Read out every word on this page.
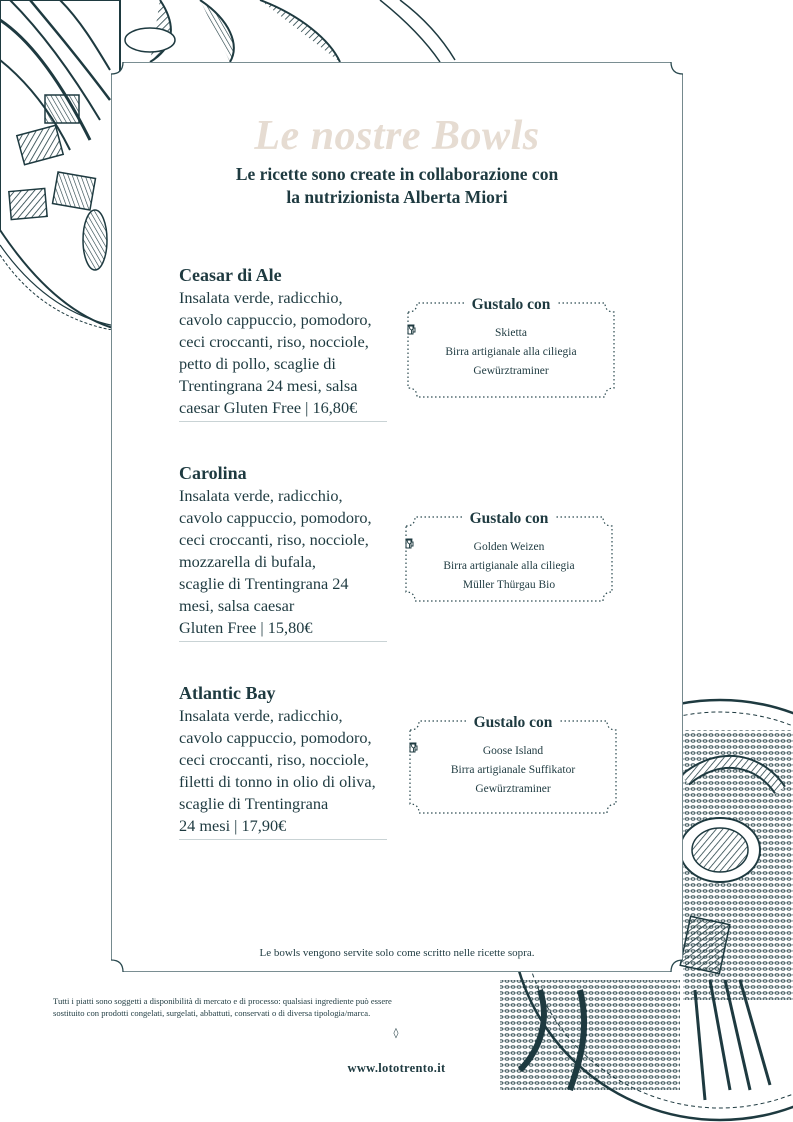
Le nostre Bowls
Le ricette sono create in collaborazione con
la nutrizionista Alberta Miori
Ceasar di Ale
Insalata verde, radicchio,
cavolo cappuccio, pomodoro,
ceci croccanti, riso, nocciole,
petto di pollo, scaglie di
Trentingrana 24 mesi, salsa
caesar Gluten Free | 16,80€
Gustalo con
Skietta
Birra artigianale alla ciliegia
Gewürztraminer
Carolina
Insalata verde, radicchio,
cavolo cappuccio, pomodoro,
ceci croccanti, riso, nocciole,
mozzarella di bufala,
scaglie di Trentingrana 24
mesi, salsa caesar
Gluten Free | 15,80€
Gustalo con
Golden Weizen
Birra artigianale alla ciliegia
Müller Thürgau Bio
Atlantic Bay
Insalata verde, radicchio,
cavolo cappuccio, pomodoro,
ceci croccanti, riso, nocciole,
filetti di tonno in olio di oliva,
scaglie di Trentingrana
24 mesi | 17,90€
Gustalo con
Goose Island
Birra artigianale Suffikator
Gewürztraminer
Le bowls vengono servite solo come scritto nelle ricette sopra.
Tutti i piatti sono soggetti a disponibilità di mercato e di processo: qualsiasi ingrediente può essere
sostituito con prodotti congelati, surgelati, abbattuti, conservati o di diversa tipologia/marca.
◊
www.lototrento.it
